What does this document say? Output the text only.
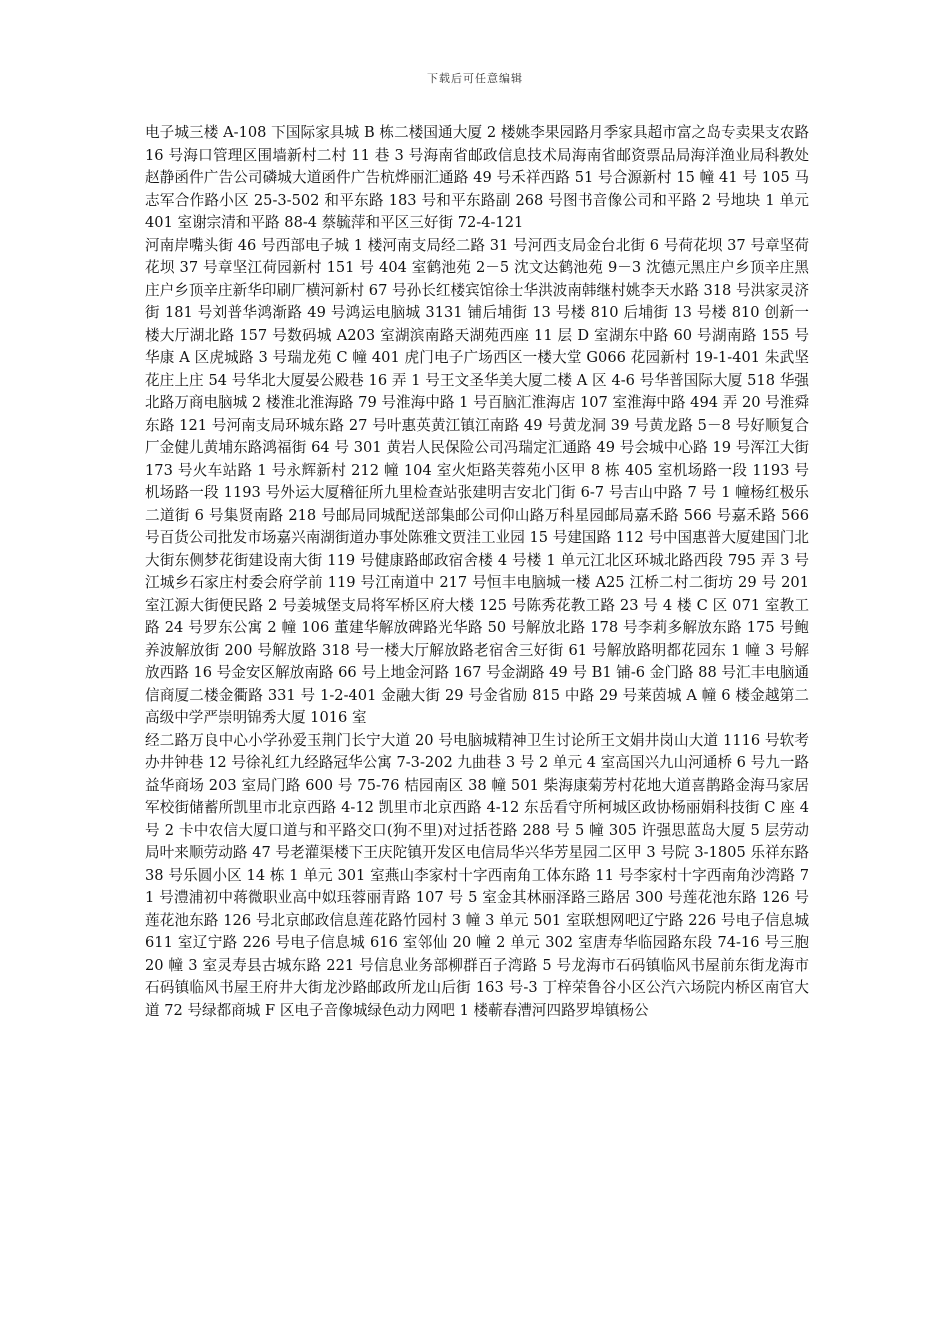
下载后可任意编辑

电子城三楼 A-108 下国际家具城 B 栋二楼国通大厦 2 楼姚李果园路月季家具超市富之岛专卖果支农路 16 号海口管理区围墙新村二村 11 巷 3 号海南省邮政信息技术局海南省邮资票品局海洋渔业局科教处赵静函件广告公司磷城大道函件广告杭烨丽汇通路 49 号禾祥西路 51 号合源新村 15 幢 41 号 105 马志军合作路小区 25-3-502 和平东路 183 号和平东路副 268 号图书音像公司和平路 2 号地块 1 单元 401 室谢宗清和平路 88-4 蔡毓萍和平区三好街 72-4-121

河南岸嘴头街 46 号西部电子城 1 楼河南支局经二路 31 号河西支局金台北街 6 号荷花坝 37 号章坚荷花坝 37 号章坚江荷园新村 151 号 404 室鹤池苑 2－5 沈文达鹤池苑 9－3 沈德元黑庄户乡顶辛庄黑庄户乡顶辛庄新华印刷厂横河新村 67 号孙长红楼宾馆徐士华洪波南韩继村姚李天水路 318 号洪家灵济街 181 号刘普华鸿渐路 49 号鸿运电脑城 3131 铺后埔街 13 号楼 810 后埔街 13 号楼 810 创新一楼大厅湖北路 157 号数码城 A203 室湖滨南路天湖苑西座 11 层 D 室湖东中路 60 号湖南路 155 号华康 A 区虎城路 3 号瑞龙苑 C 幢 401 虎门电子广场西区一楼大堂 G066 花园新村 19-1-401 朱武坚花庄上庄 54 号华北大厦晏公殿巷 16 弄 1 号王文圣华美大厦二楼 A 区 4-6 号华普国际大厦 518 华强北路万商电脑城 2 楼淮北淮海路 79 号淮海中路 1 号百脑汇淮海店 107 室淮海中路 494 弄 20 号淮舜东路 121 号河南支局环城东路 27 号叶惠英黄江镇江南路 49 号黄龙洞 39 号黄龙路 5－8 号好顺复合厂金健儿黄埔东路鸿福街 64 号 301 黄岩人民保险公司冯瑞定汇通路 49 号会城中心路 19 号浑江大街 173 号火车站路 1 号永辉新村 212 幢 104 室火炬路芙蓉苑小区甲 8 栋 405 室机场路一段 1193 号机场路一段 1193 号外运大厦稽征所九里检查站张建明吉安北门街 6-7 号吉山中路 7 号 1 幢杨红极乐二道街 6 号集贤南路 218 号邮局同城配送部集邮公司仰山路万科星园邮局嘉禾路 566 号嘉禾路 566 号百货公司批发市场嘉兴南湖街道办事处陈雅文贾洼工业园 15 号建国路 112 号中国惠普大厦建国门北大街东侧梦花街建设南大街 119 号健康路邮政宿舍楼 4 号楼 1 单元江北区环城北路西段 795 弄 3 号江城乡石家庄村委会府学前 119 号江南道中 217 号恒丰电脑城一楼 A25 江桥二村二街坊 29 号 201 室江源大街便民路 2 号姜城堡支局将军桥区府大楼 125 号陈秀花教工路 23 号 4 楼 C 区 071 室教工路 24 号罗东公寓 2 幢 106 董建华解放碑路光华路 50 号解放北路 178 号李莉多解放东路 175 号鲍养波解放街 200 号解放路 318 号一楼大厅解放路老宿舍三好街 61 号解放路明都花园东 1 幢 3 号解放西路 16 号金安区解放南路 66 号上地金河路 167 号金湖路 49 号 B1 铺-6 金门路 88 号汇丰电脑通信商厦二楼金衢路 331 号 1-2-401 金融大街 29 号金省励 815 中路 29 号莱茵城 A 幢 6 楼金越第二高级中学严崇明锦秀大厦 1016 室

经二路万良中心小学孙爱玉荆门长宁大道 20 号电脑城精神卫生讨论所王文娟井岗山大道 1116 号软考办井钟巷 12 号徐礼红九经路冠华公寓 7-3-202 九曲巷 3 号 2 单元 4 室高国兴九山河通桥 6 号九一路益华商场 203 室局门路 600 号 75-76 桔园南区 38 幢 501 柴海康菊芳村花地大道喜鹊路金海马家居军校街储蓄所凯里市北京西路 4-12 凯里市北京西路 4-12 东岳看守所柯城区政协杨丽娟科技街 C 座 4 号 2 卡中农信大厦口道与和平路交口(狗不里)对过括苍路 288 号 5 幢 305 许强思蓝岛大厦 5 层劳动局叶来顺劳动路 47 号老灌渠楼下王庆陀镇开发区电信局华兴华芳星园二区甲 3 号院 3-1805 乐祥东路 38 号乐圆小区 14 栋 1 单元 301 室燕山李家村十字西南角工体东路 11 号李家村十字西南角沙湾路 71 号澧浦初中蒋微职业高中姒珏蓉丽青路 107 号 5 室金其林丽泽路三路居 300 号莲花池东路 126 号莲花池东路 126 号北京邮政信息莲花路竹园村 3 幢 3 单元 501 室联想网吧辽宁路 226 号电子信息城 611 室辽宁路 226 号电子信息城 616 室邻仙 20 幢 2 单元 302 室唐寿华临园路东段 74-16 号三胞 20 幢 3 室灵寿县古城东路 221 号信息业务部柳群百子湾路 5 号龙海市石码镇临风书屋前东街龙海市石码镇临风书屋王府井大街龙沙路邮政所龙山后街 163 号-3 丁梓荣鲁谷小区公汽六场院内桥区南官大道 72 号绿都商城 F 区电子音像城绿色动力网吧 1 楼蕲春漕河四路罗埠镇杨公
